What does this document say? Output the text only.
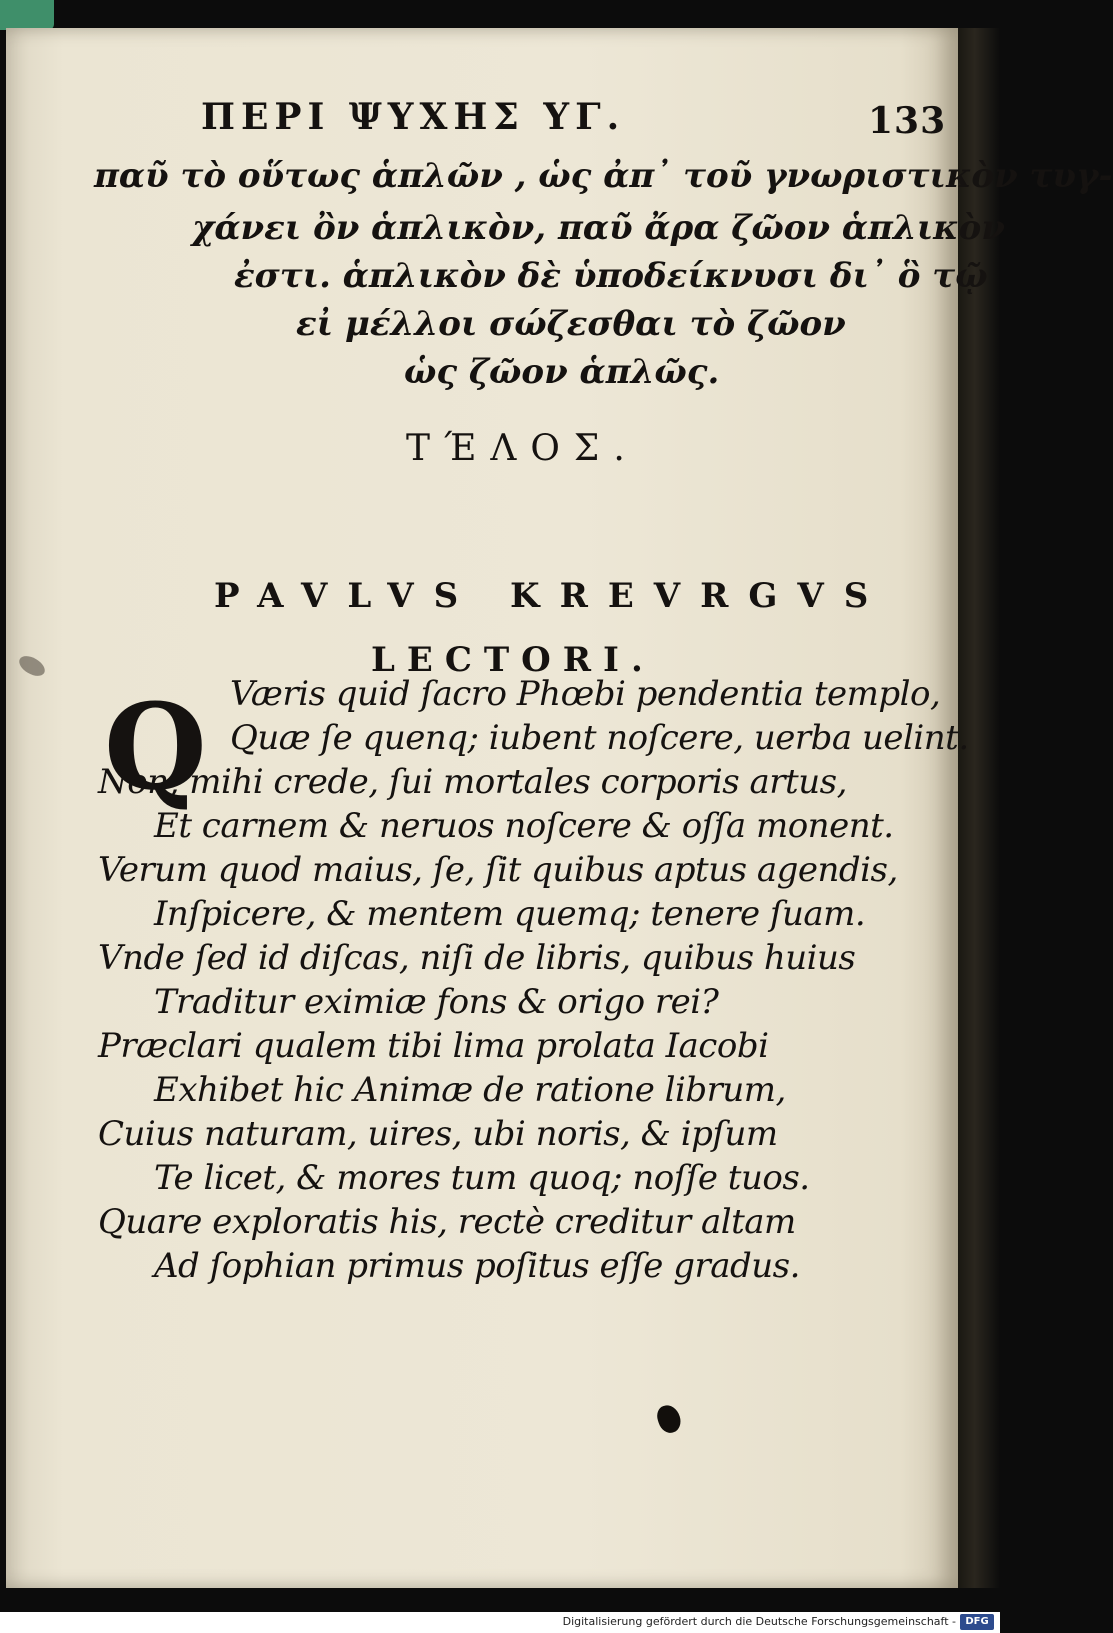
ΠΕΡΙ ΨΥΧΗΣ ΥΓ.	133
παῦ τὸ οὕτως ἁπλῶν , ὡς ἀπ᾽ τοῦ γνωριστικὸν τυγ-
χάνει ὂν ἁπλικὸν, παῦ ἄρα ζῶον ἁπλικὸν
ἐστι. ἁπλικὸν δὲ ὑποδείκνυσι δι᾽ ὃ τῷ
εἰ μέλλοι σώζεσθαι τὸ ζῶον
ὡς ζῶον ἁπλῶς.
ΤΈΛΟΣ.
PAVLVS KREVRGVS
LECTORI.
Q Væris quid ſacro Phœbi pendentia templo,
Quæ ſe quenq; iubent noſcere, uerba uelint.
Non, mihi crede, ſui mortales corporis artus,
Et carnem & neruos noſcere & oſſa monent.
Verum quod maius, ſe, ſit quibus aptus agendis,
Inſpicere, & mentem quemq; tenere ſuam.
Vnde ſed id diſcas, niſi de libris, quibus huius
Traditur eximiæ fons & origo rei?
Præclari qualem tibi lima prolata Iacobi
Exhibet hic Animæ de ratione librum,
Cuius naturam, uires, ubi noris, & ipſum
Te licet, & mores tum quoq; noſſe tuos.
Quare exploratis his, rectè creditur altam
Ad ſophian primus poſitus eſſe gradus.
Digitalisierung gefördert durch die Deutsche Forschungsgemeinschaft - DFG
